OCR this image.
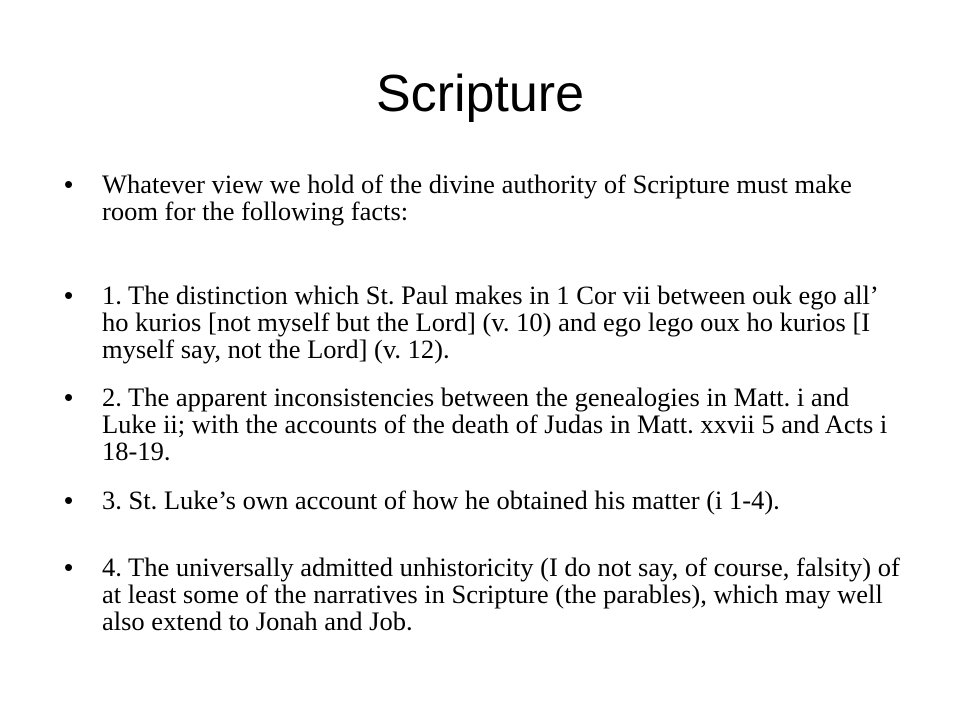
Scripture
• Whatever view we hold of the divine authority of Scripture must make room for the following facts:
• 1. The distinction which St. Paul makes in 1 Cor vii between ouk ego all’ ho kurios [not myself but the Lord] (v. 10) and ego lego oux ho kurios [I myself say, not the Lord] (v. 12).
• 2. The apparent inconsistencies between the genealogies in Matt. i and Luke ii; with the accounts of the death of Judas in Matt. xxvii 5 and Acts i 18-19.
• 3. St. Luke’s own account of how he obtained his matter (i 1-4).
• 4. The universally admitted unhistoricity (I do not say, of course, falsity) of at least some of the narratives in Scripture (the parables), which may well also extend to Jonah and Job.
